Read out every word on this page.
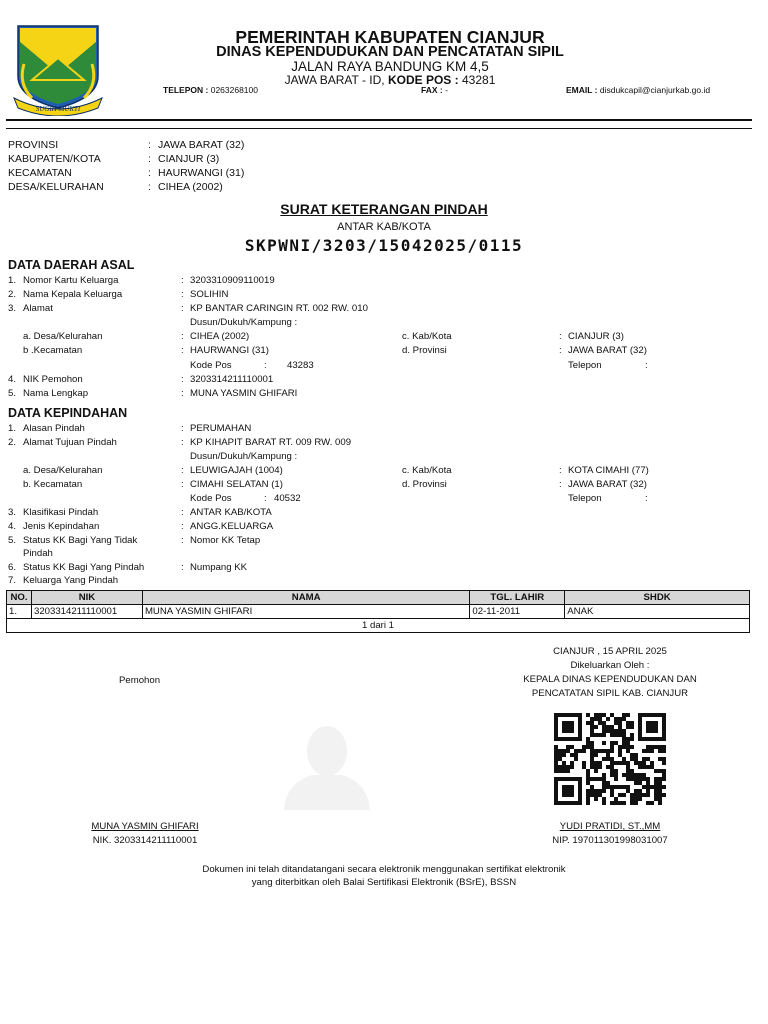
SUGIH MUKTI
PEMERINTAH KABUPATEN CIANJUR
DINAS KEPENDUDUKAN DAN PENCATATAN SIPIL
JALAN RAYA BANDUNG KM 4,5
JAWA BARAT - ID, KODE POS : 43281
TELEPON : 0263268100	FAX : -	EMAIL : disdukcapil@cianjurkab.go.id
PROVINSI	: JAWA BARAT (32)
KABUPATEN/KOTA	: CIANJUR (3)
KECAMATAN	: HAURWANGI (31)
DESA/KELURAHAN	: CIHEA (2002)
SURAT KETERANGAN PINDAH
ANTAR KAB/KOTA
SKPWNI/3203/15042025/0115
DATA DAERAH ASAL
1. Nomor Kartu Keluarga	: 3203310909110019
2. Nama Kepala Keluarga	: SOLIHIN
3. Alamat	: KP BANTAR CARINGIN RT. 002 RW. 010
Dusun/Dukuh/Kampung :
a. Desa/Kelurahan	: CIHEA (2002)	c. Kab/Kota	: CIANJUR (3)
b .Kecamatan	: HAURWANGI (31)	d. Provinsi	: JAWA BARAT (32)
Kode Pos	: 43283	Telepon	:
4. NIK Pemohon	: 3203314211110001
5. Nama Lengkap	: MUNA YASMIN GHIFARI
DATA KEPINDAHAN
1. Alasan Pindah	: PERUMAHAN
2. Alamat Tujuan Pindah	: KP KIHAPIT BARAT RT. 009 RW. 009
Dusun/Dukuh/Kampung :
a. Desa/Kelurahan	: LEUWIGAJAH (1004)	c. Kab/Kota	: KOTA CIMAHI (77)
b. Kecamatan	: CIMAHI SELATAN (1)	d. Provinsi	: JAWA BARAT (32)
Kode Pos	: 40532	Telepon	:
3. Klasifikasi Pindah	: ANTAR KAB/KOTA
4. Jenis Kepindahan	: ANGG.KELUARGA
5. Status KK Bagi Yang Tidak
Pindah
: Nomor KK Tetap
6. Status KK Bagi Yang Pindah	: Numpang KK
7. Keluarga Yang Pindah
NO.	NIK	NAMA	TGL. LAHIR	SHDK
1.	3203314211110001	MUNA YASMIN GHIFARI	02-11-2011	ANAK
1 dari 1				
CIANJUR , 15 APRIL 2025
Dikeluarkan Oleh :
KEPALA DINAS KEPENDUDUKAN DAN
PENCATATAN SIPIL KAB. CIANJUR
Pemohon
MUNA YASMIN GHIFARI
NIK. 3203314211110001
YUDI PRATIDI, ST.,MM
NIP. 197011301998031007
Dokumen ini telah ditandatangani secara elektronik menggunakan sertifikat elektronik
yang diterbitkan oleh Balai Sertifikasi Elektronik (BSrE), BSSN
